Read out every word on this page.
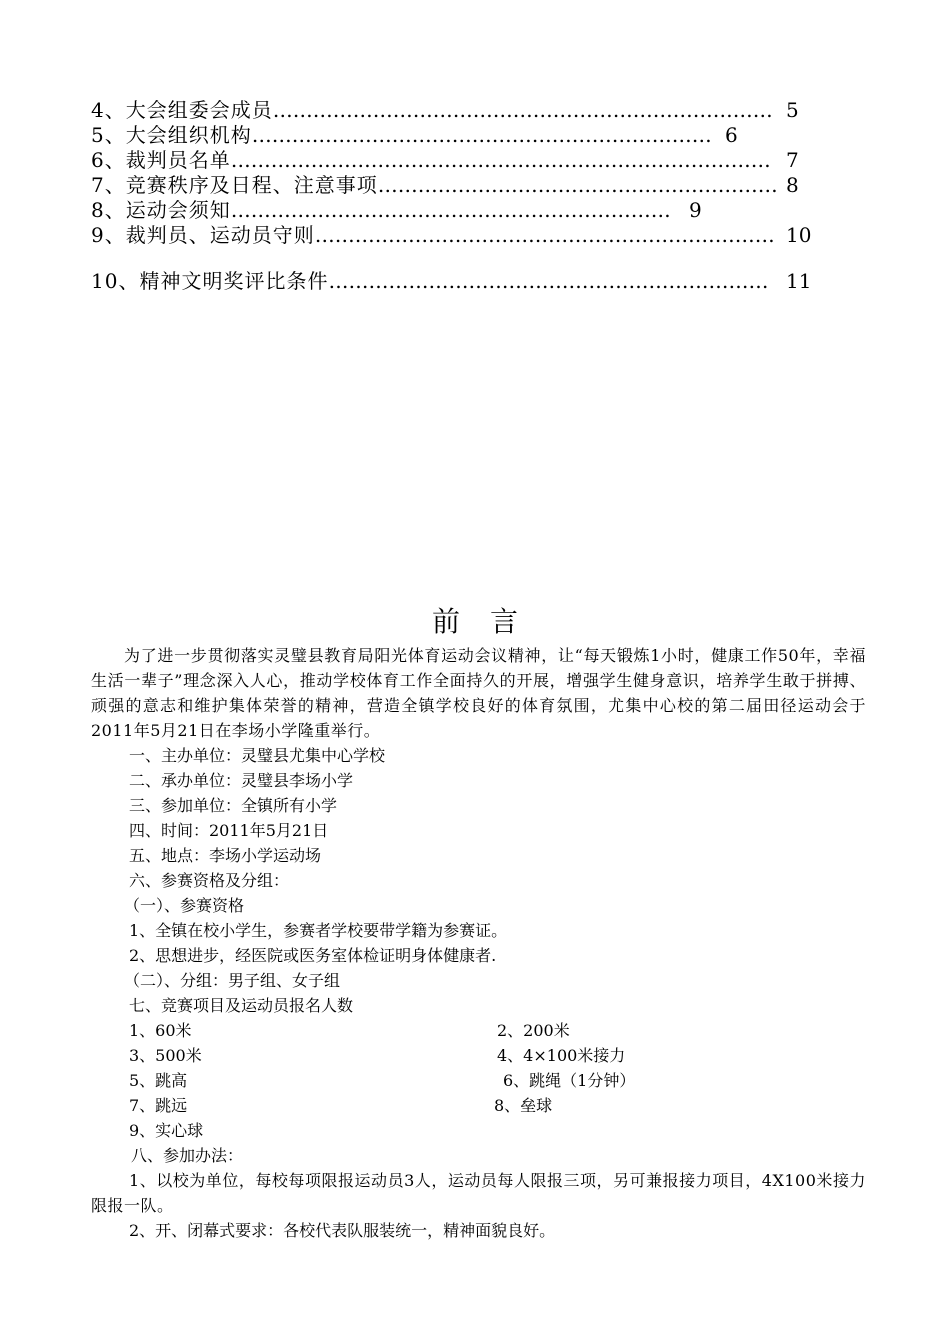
4、大会组委会成员………………………………………………………………… 5
5、大会组织机构…………………………………………………………… 6
6、裁判员名单……………………………………………………………………… 7
7、竞赛秩序及日程、注意事项…………………………………………………… 8
8、运动会须知………………………………………………………… 9
9、裁判员、运动员守则…………………………………………………………… 10
10、精神文明奖评比条件………………………………………………………… 11
前言

为了进一步贯彻落实灵璧县教育局阳光体育运动会议精神，让“每天锻炼1小时，健康工作50年，幸福生活一辈子”理念深入人心，推动学校体育工作全面持久的开展，增强学生健身意识，培养学生敢于拼搏、顽强的意志和维护集体荣誉的精神，营造全镇学校良好的体育氛围，尤集中心校的第二届田径运动会于2011年5月21日在李场小学隆重举行。

一、主办单位：灵璧县尤集中心学校
二、承办单位：灵璧县李场小学
三、参加单位：全镇所有小学
四、时间：2011年5月21日
五、地点：李场小学运动场
六、参赛资格及分组：
（一）、参赛资格
1、全镇在校小学生，参赛者学校要带学籍为参赛证。
2、思想进步，经医院或医务室体检证明身体健康者.
（二）、分组：男子组、女子组
七、竞赛项目及运动员报名人数
1、60米	2、200米
3、500米	4、4×100米接力
5、跳高	6、跳绳（1分钟）
7、跳远	8、垒球
9、实心球
八、参加办法：

1、以校为单位，每校每项限报运动员3人，运动员每人限报三项，另可兼报接力项目，4X100米接力限报一队。

2、开、闭幕式要求：各校代表队服装统一，精神面貌良好。
